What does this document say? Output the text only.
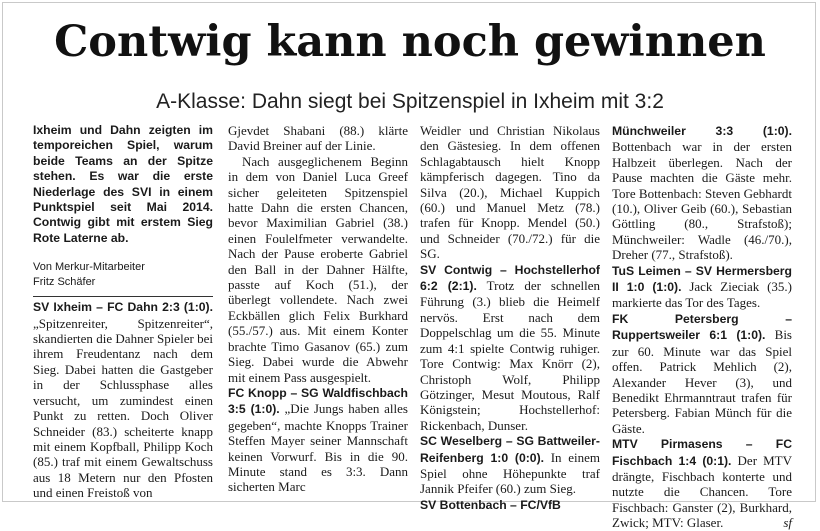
Contwig kann noch gewinnen
A-Klasse: Dahn siegt bei Spitzenspiel in Ixheim mit 3:2

Ixheim und Dahn zeigten im temporeichen Spiel, warum beide Teams an der Spitze stehen. Es war die erste Niederlage des SVI in einem Punktspiel seit Mai 2014. Contwig gibt mit erstem Sieg Rote Laterne ab.

Von Merkur-Mitarbeiter

Fritz Schäfer

SV Ixheim – FC Dahn 2:3 (1:0). „Spitzenreiter, Spitzenreiter“, skandierten die Dahner Spieler bei ihrem Freudentanz nach dem Sieg. Dabei hatten die Gastgeber in der Schlussphase alles versucht, um zumindest einen Punkt zu retten. Doch Oliver Schneider (83.) scheiterte knapp mit einem Kopfball, Philipp Koch (85.) traf mit einem Gewaltschuss aus 18 Metern nur den Pfosten und einen Freistoß von

Gjevdet Shabani (88.) klärte David Breiner auf der Linie.

Nach ausgeglichenem Beginn in dem von Daniel Luca Greef sicher geleiteten Spitzenspiel hatte Dahn die ersten Chancen, bevor Maximilian Gabriel (38.) einen Foulelfmeter verwandelte. Nach der Pause eroberte Gabriel den Ball in der Dahner Hälfte, passte auf Koch (51.), der überlegt vollendete. Nach zwei Eckbällen glich Felix Burkhard (55./57.) aus. Mit einem Konter brachte Timo Gasanov (65.) zum Sieg. Dabei wurde die Abwehr mit einem Pass ausgespielt.

FC Knopp – SG Waldfischbach 3:5 (1:0). „Die Jungs haben alles gegeben“, machte Knopps Trainer Steffen Mayer seiner Mannschaft keinen Vorwurf. Bis in die 90. Minute stand es 3:3. Dann sicherten Marc

Weidler und Christian Nikolaus den Gästesieg. In dem offenen Schlagabtausch hielt Knopp kämpferisch dagegen. Tino da Silva (20.), Michael Kuppich (60.) und Manuel Metz (78.) trafen für Knopp. Mendel (50.) und Schneider (70./72.) für die SG.

SV Contwig – Hochstellerhof 6:2 (2:1). Trotz der schnellen Führung (3.) blieb die Heimelf nervös. Erst nach dem Doppelschlag um die 55. Minute zum 4:1 spielte Contwig ruhiger. Tore Contwig: Max Knörr (2), Christoph Wolf, Philipp Götzinger, Mesut Moutous, Ralf Königstein; Hochstellerhof: Rickenbach, Dunser.

SC Weselberg – SG Battweiler-Reifenberg 1:0 (0:0). In einem Spiel ohne Höhepunkte traf Jannik Pfeifer (60.) zum Sieg.

SV Bottenbach – FC/VfB

Münchweiler 3:3 (1:0). Bottenbach war in der ersten Halbzeit überlegen. Nach der Pause machten die Gäste mehr. Tore Bottenbach: Steven Gebhardt (10.), Oliver Geib (60.), Sebastian Göttling (80., Strafstoß); Münchweiler: Wadle (46./70.), Dreher (77., Strafstoß).

TuS Leimen – SV Hermersberg II 1:0 (1:0). Jack Zieciak (35.) markierte das Tor des Tages.

FK Petersberg – Ruppertsweiler 6:1 (1:0). Bis zur 60. Minute war das Spiel offen. Patrick Mehlich (2), Alexander Hever (3), und Benedikt Ehrmanntraut trafen für Petersberg. Fabian Münch für die Gäste.

MTV Pirmasens – FC Fischbach 1:4 (0:1). Der MTV drängte, Fischbach konterte und nutzte die Chancen. Tore Fischbach: Ganster (2), Burkhard, Zwick; MTV: Glaser.	sf
